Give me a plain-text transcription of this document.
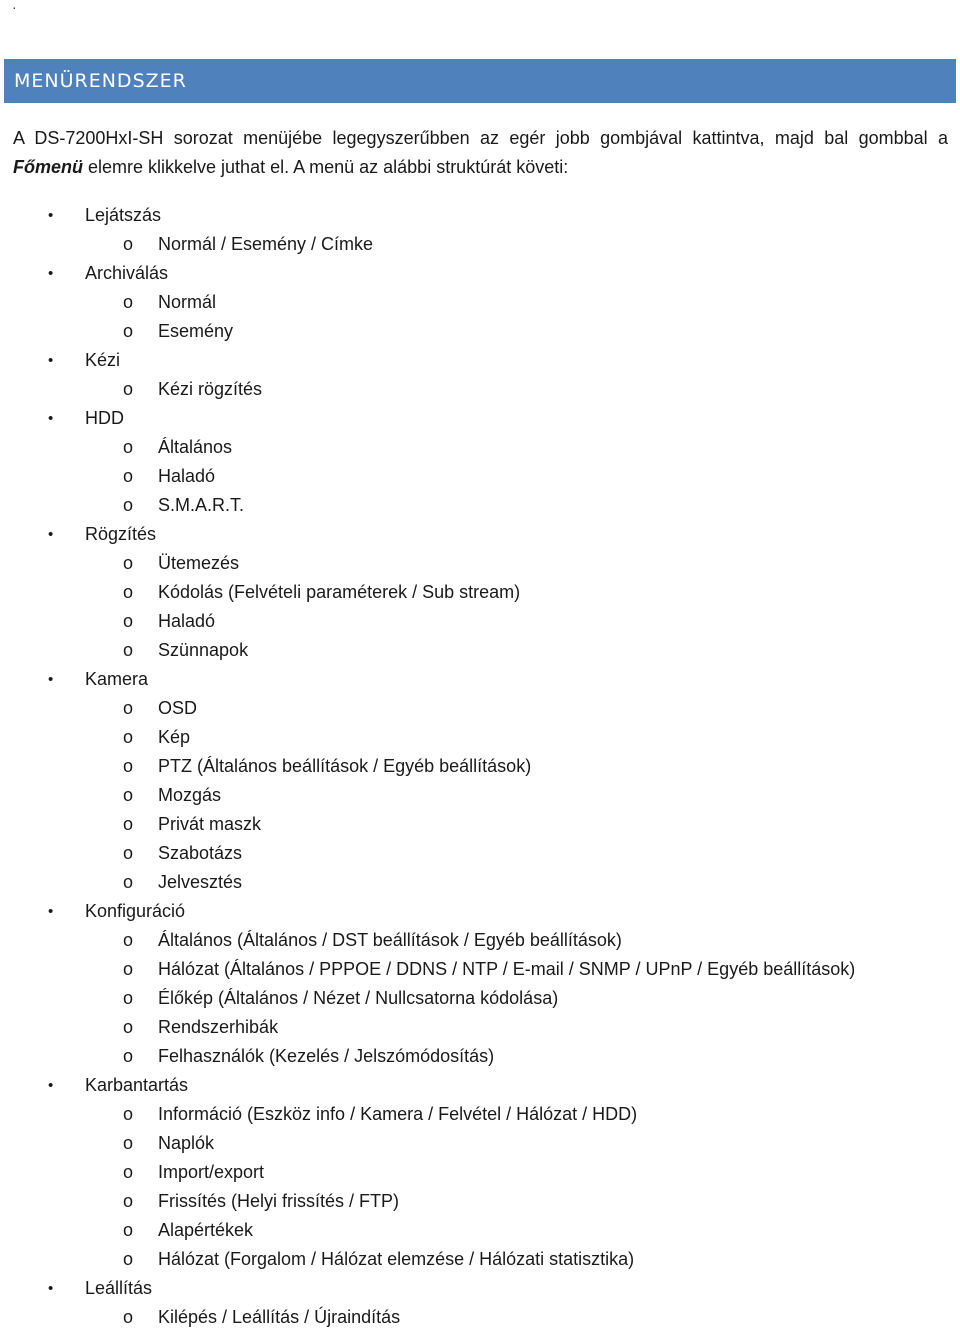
·
MENÜRENDSZER
A DS-7200HxI-SH sorozat menüjébe legegyszerűbben az egér jobb gombjával kattintva, majd bal gombbal a Főmenü elemre klikkelve juthat el. A menü az alábbi struktúrát követi:
• Lejátszás
o Normál / Esemény / Címke
• Archiválás
o Normál
o Esemény
• Kézi
o Kézi rögzítés
• HDD
o Általános
o Haladó
o S.M.A.R.T.
• Rögzítés
o Ütemezés
o Kódolás (Felvételi paraméterek / Sub stream)
o Haladó
o Szünnapok
• Kamera
o OSD
o Kép
o PTZ (Általános beállítások / Egyéb beállítások)
o Mozgás
o Privát maszk
o Szabotázs
o Jelvesztés
• Konfiguráció
o Általános (Általános / DST beállítások / Egyéb beállítások)
o Hálózat (Általános / PPPOE / DDNS / NTP / E-mail / SNMP / UPnP / Egyéb beállítások)
o Élőkép (Általános / Nézet / Nullcsatorna kódolása)
o Rendszerhibák
o Felhasználók (Kezelés / Jelszómódosítás)
• Karbantartás
o Információ (Eszköz info / Kamera / Felvétel / Hálózat / HDD)
o Naplók
o Import/export
o Frissítés (Helyi frissítés / FTP)
o Alapértékek
o Hálózat (Forgalom / Hálózat elemzése / Hálózati statisztika)
• Leállítás
o Kilépés / Leállítás / Újraindítás
